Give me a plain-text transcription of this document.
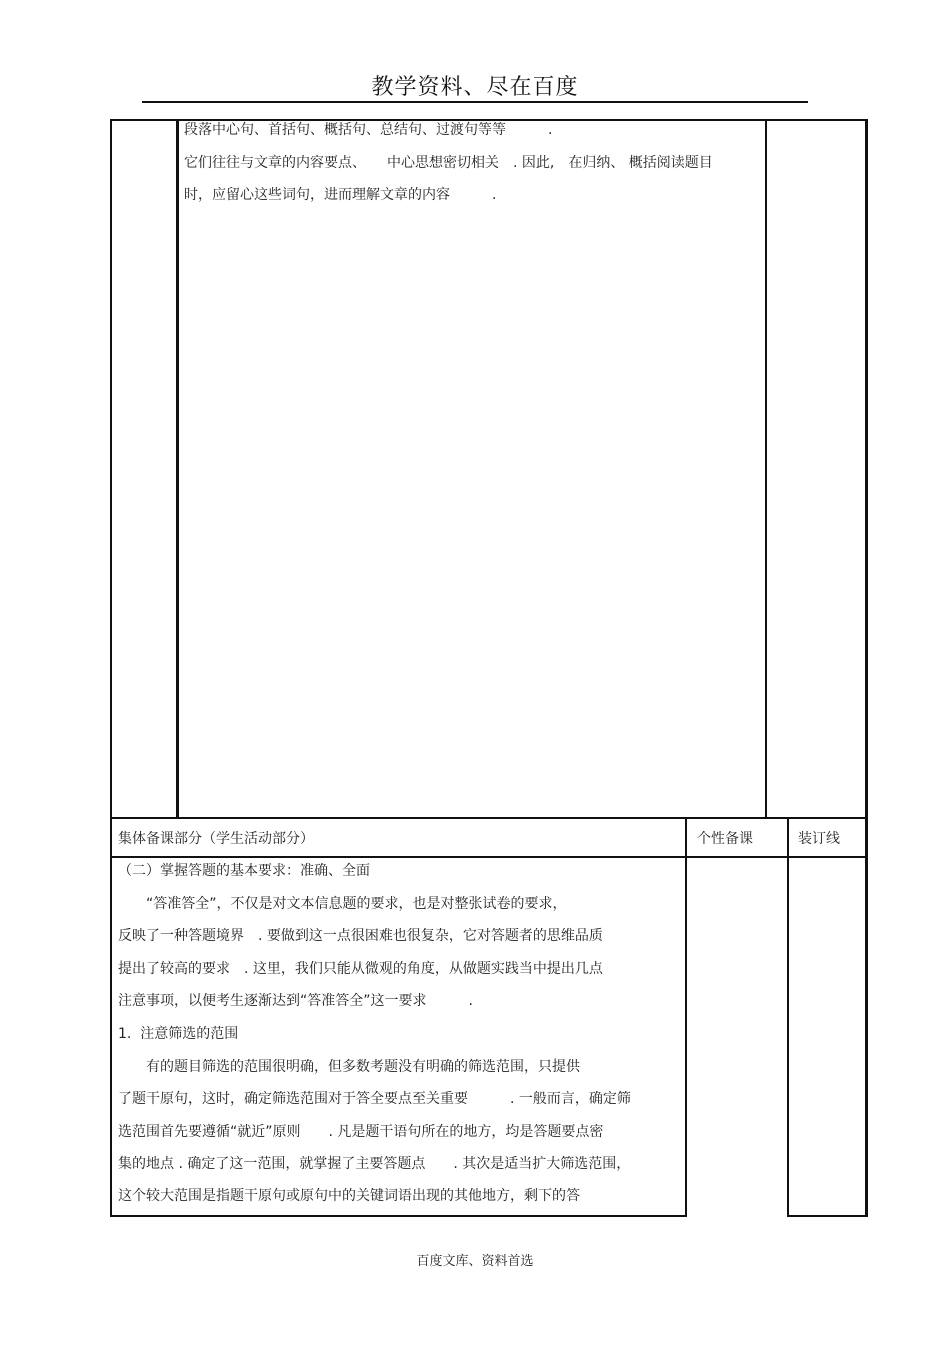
教学资料、尽在百度
段落中心句、首括句、概括句、总结句、过渡句等等　　　.
它们往往与文章的内容要点、　　中心思想密切相关　. 因此,　在归纳、 概括阅读题目
时，应留心这些词句，进而理解文章的内容　　　.
集体备课部分（学生活动部分）	个性备课	装订线
（二）掌握答题的基本要求：准确、全面
　　“答准答全”，不仅是对文本信息题的要求，也是对整张试卷的要求，
反映了一种答题境界　. 要做到这一点很困难也很复杂，它对答题者的思维品质
提出了较高的要求　. 这里，我们只能从微观的角度，从做题实践当中提出几点
注意事项，以便考生逐渐达到“答准答全”这一要求　　　.
1.  注意筛选的范围
　　有的题目筛选的范围很明确，但多数考题没有明确的筛选范围，只提供
了题干原句，这时，确定筛选范围对于答全要点至关重要　　　. 一般而言，确定筛
选范围首先要遵循“就近”原则　　. 凡是题干语句所在的地方，均是答题要点密
集的地点 . 确定了这一范围，就掌握了主要答题点　　. 其次是适当扩大筛选范围，
这个较大范围是指题干原句或原句中的关键词语出现的其他地方，剩下的答
百度文库、资料首选
